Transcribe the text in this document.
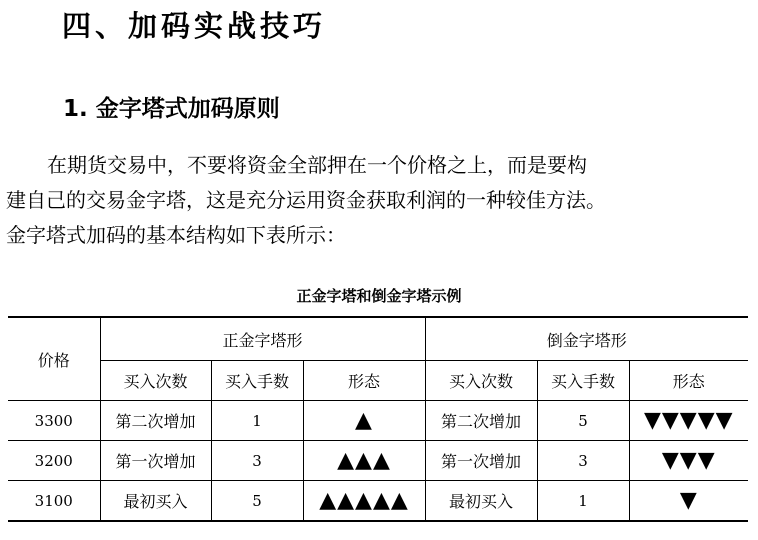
四、加码实战技巧
1. 金字塔式加码原则

在期货交易中，不要将资金全部押在一个价格之上，而是要构

建自己的交易金字塔，这是充分运用资金获取利润的一种较佳方法。

金字塔式加码的基本结构如下表所示：

正金字塔和倒金字塔示例
价格	正金字塔形			倒金字塔形		
	买入次数	买入手数	形态	买入次数	买入手数	形态
3300	第二次增加	1	▲	第二次增加	5	▼▼▼▼▼
3200	第一次增加	3	▲▲▲	第一次增加	3	▼▼▼
3100	最初买入	5	▲▲▲▲▲	最初买入	1	▼
